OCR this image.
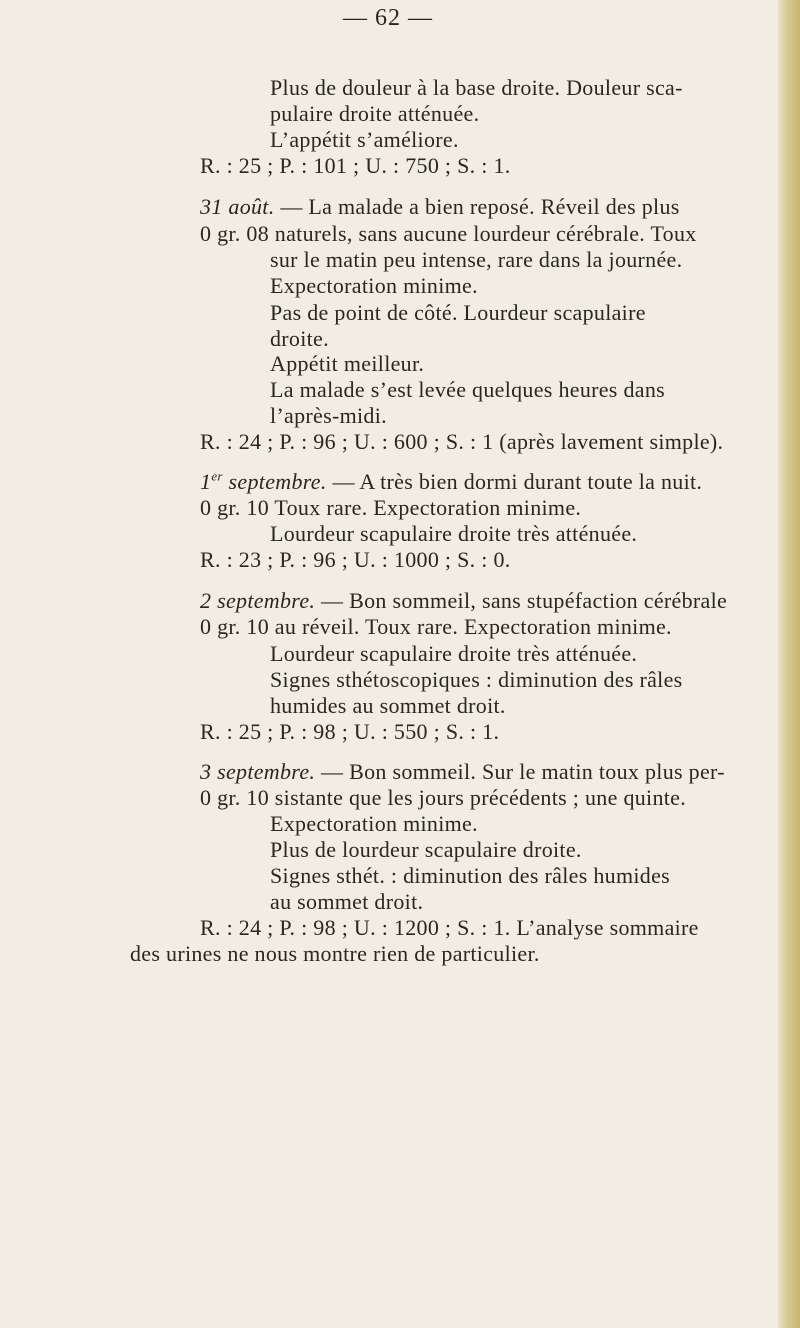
— 62 —
Plus de douleur à la base droite. Douleur sca-
pulaire droite atténuée.
L’appétit s’améliore.
R. : 25 ; P. : 101 ; U. : 750 ; S. : 1.
31 août. — La malade a bien reposé. Réveil des plus
0 gr. 08 naturels, sans aucune lourdeur cérébrale. Toux
sur le matin peu intense, rare dans la journée.
Expectoration minime.
Pas de point de côté. Lourdeur scapulaire
droite.
Appétit meilleur.
La malade s’est levée quelques heures dans
l’après-midi.
R. : 24 ; P. : 96 ; U. : 600 ; S. : 1 (après lavement simple).
1er septembre. — A très bien dormi durant toute la nuit.
0 gr. 10 Toux rare. Expectoration minime.
Lourdeur scapulaire droite très atténuée.
R. : 23 ; P. : 96 ; U. : 1000 ; S. : 0.
2 septembre. — Bon sommeil, sans stupéfaction cérébrale
0 gr. 10 au réveil. Toux rare. Expectoration minime.
Lourdeur scapulaire droite très atténuée.
Signes sthétoscopiques : diminution des râles
humides au sommet droit.
R. : 25 ; P. : 98 ; U. : 550 ; S. : 1.
3 septembre. — Bon sommeil. Sur le matin toux plus per-
0 gr. 10 sistante que les jours précédents ; une quinte.
Expectoration minime.
Plus de lourdeur scapulaire droite.
Signes sthét. : diminution des râles humides
au sommet droit.
R. : 24 ; P. : 98 ; U. : 1200 ; S. : 1. L’analyse sommaire
des urines ne nous montre rien de particulier.
